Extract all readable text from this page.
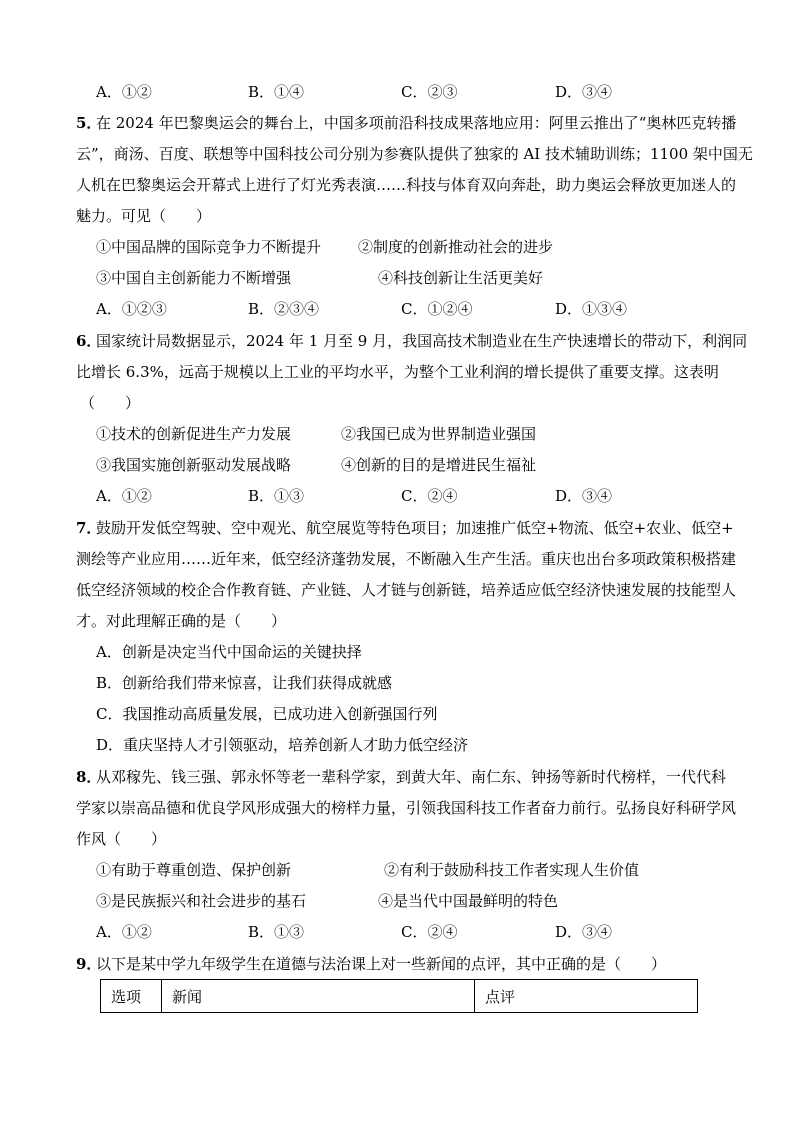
A．①②	B．①④	C．②③	D．③④
5．
在 2024 年巴黎奥运会的舞台上，中国多项前沿科技成果落地应用：阿里云推出了“奥林匹克转播
云”，商汤、百度、联想等中国科技公司分别为参赛队提供了独家的 AI 技术辅助训练；1100 架中国无
人机在巴黎奥运会开幕式上进行了灯光秀表演……科技与体育双向奔赴，助力奥运会释放更加迷人的
魅力。可见（　　）
①中国品牌的国际竞争力不断提升 ②制度的创新推动社会的进步
③中国自主创新能力不断增强	④科技创新让生活更美好
A．①②③	B．②③④	C．①②④	D．①③④
6．
国家统计局数据显示，2024 年 1 月至 9 月，我国高技术制造业在生产快速增长的带动下，利润同
比增长 6.3%，远高于规模以上工业的平均水平，为整个工业利润的增长提供了重要支撑。这表明
（　　）
①技术的创新促进生产力发展	②我国已成为世界制造业强国
③我国实施创新驱动发展战略	④创新的目的是增进民生福祉
A．①②	B．①③	C．②④	D．③④
7．
鼓励开发低空驾驶、空中观光、航空展览等特色项目；加速推广低空+物流、低空+农业、低空+
测绘等产业应用……近年来，低空经济蓬勃发展，不断融入生产生活。重庆也出台多项政策积极搭建
低空经济领域的校企合作教育链、产业链、人才链与创新链，培养适应低空经济快速发展的技能型人
才。对此理解正确的是（　　）
A．创新是决定当代中国命运的关键抉择
B．创新给我们带来惊喜，让我们获得成就感
C．我国推动高质量发展，已成功进入创新强国行列
D．重庆坚持人才引领驱动，培养创新人才助力低空经济
8．
从邓稼先、钱三强、郭永怀等老一辈科学家，到黄大年、南仁东、钟扬等新时代榜样，一代代科
学家以崇高品德和优良学风形成强大的榜样力量，引领我国科技工作者奋力前行。弘扬良好科研学风
作风（　　）
①有助于尊重创造、保护创新	②有利于鼓励科技工作者实现人生价值
③是民族振兴和社会进步的基石	④是当代中国最鲜明的特色
A．①②	B．①③	C．②④	D．③④
9．
以下是某中学九年级学生在道德与法治课上对一些新闻的点评，其中正确的是（　　）
选项	新闻	点评
